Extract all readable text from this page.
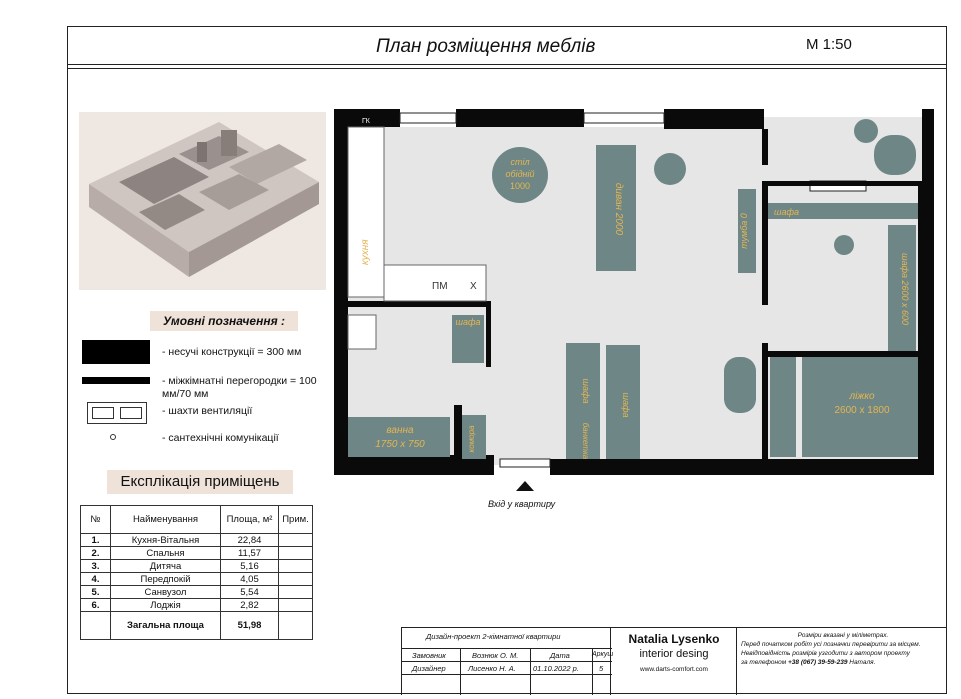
План розміщення меблів	М 1:50
Умовні позначення :
- несучі конструкції = 300 мм
- міжкімнатні перегородки = 100 мм/70 мм
- шахти вентиляції
- сантехнічні комунікації
Експлікація приміщень
№	Найменування	Площа, м²	Прим.
1.	Кухня-Вітальня	22,84	
2.	Спальня	11,57	
3.	Дитяча	5,16	
4.	Передпокій	4,05	
5.	Санвузол	5,54	
6.	Лоджія	2,82	
	Загальна площа	51,98	
ГК
кухня
ПМ Х
стіл
обідній
1000	диван 2000	тумба 0
шафа
шафа 2600 х 600
ліжко
2600 х 1800
шафа
ванна
1750 х 750	комора
шафа
банкетка
шафа
Вхід у квартиру
Дизайн-проект 2-кімнатної квартири
Замовник	Вознюк О. М.	Дата	Аркуш
Дизайнер	Лисенко Н. А. 01.10.2022 р.	5
Natalia Lysenko
interior desing
www.darts-comfort.com
Розміри вказані у міліметрах.
Перед початком робіт усі позначки перевірити за місцем.
Невідповідність розмірів узгодити з автором проекту
за телефоном +38 (067) 39-59-239 Наталя.
